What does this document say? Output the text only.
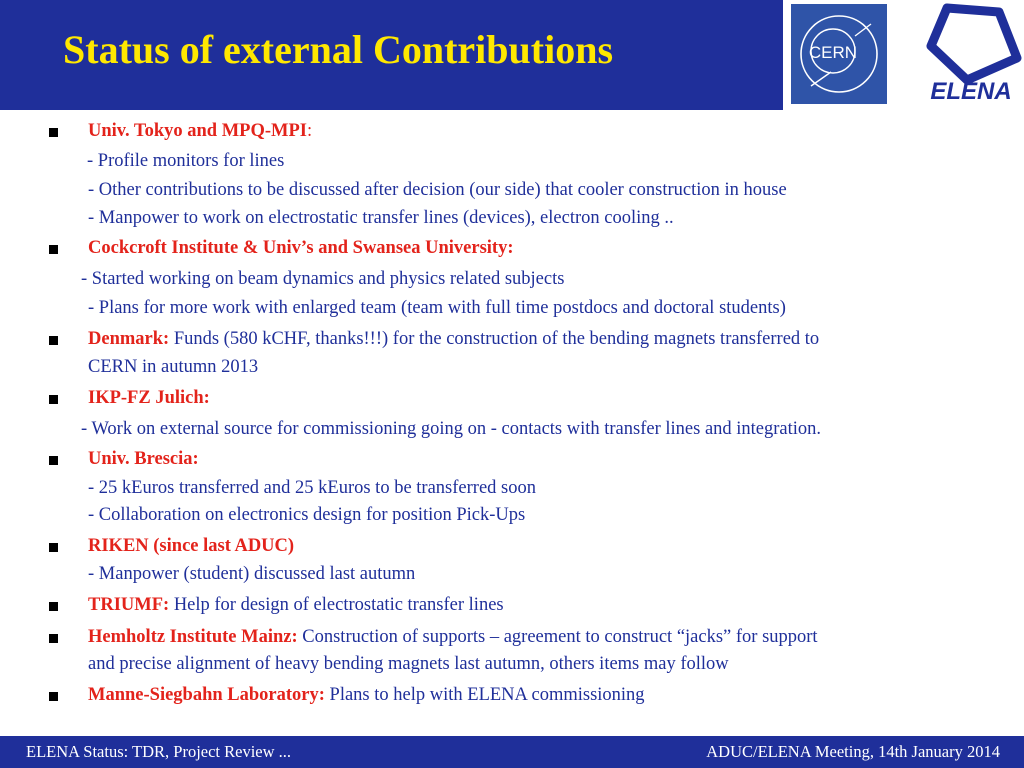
Status of external Contributions	CERN
ELENA
Univ. Tokyo and MPQ-MPI:
- Profile monitors for lines
- Other contributions to be discussed after decision (our side) that cooler construction in house
- Manpower to work on electrostatic transfer lines (devices), electron cooling ..
Cockcroft Institute & Univ’s and Swansea University:
- Started working on beam dynamics and physics related subjects
- Plans for more work with enlarged team (team with full time postdocs and doctoral students)
Denmark: Funds (580 kCHF, thanks!!!) for the construction of the bending magnets transferred to
CERN in autumn 2013
IKP-FZ Julich:
- Work on external source for commissioning going on - contacts with transfer lines and integration.
Univ. Brescia:
- 25 kEuros transferred and 25 kEuros to be transferred soon
- Collaboration on electronics design for position Pick-Ups
RIKEN (since last ADUC)
- Manpower (student) discussed last autumn
TRIUMF: Help for design of electrostatic transfer lines
Hemholtz Institute Mainz: Construction of supports – agreement to construct “jacks” for support
and precise alignment of heavy bending magnets last autumn, others items may follow
Manne-Siegbahn Laboratory: Plans to help with ELENA commissioning
ELENA Status: TDR, Project Review ...	ADUC/ELENA Meeting, 14th January 2014
